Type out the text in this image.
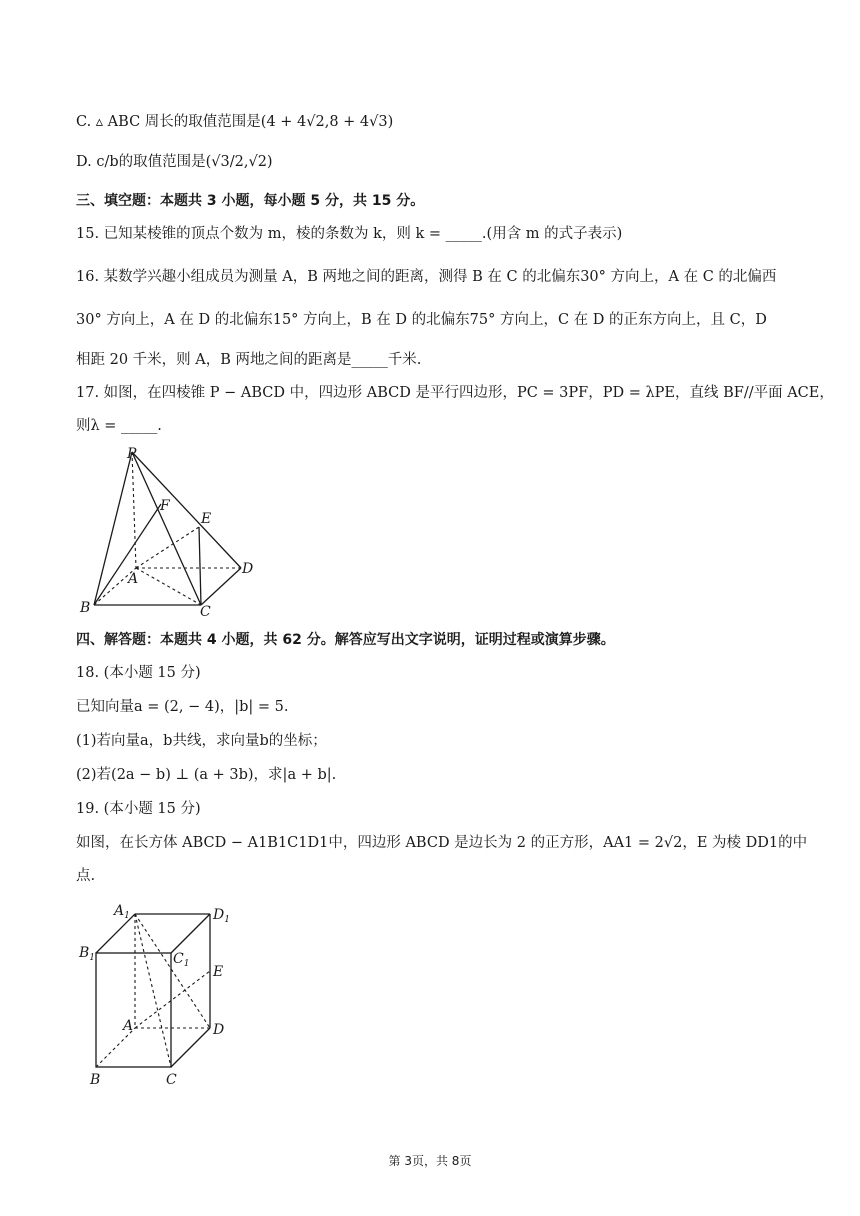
C. ▵ ABC 周长的取值范围是(4 + 4√2,8 + 4√3)
D. c/b的取值范围是(√3/2,√2)
三、填空题：本题共 3 小题，每小题 5 分，共 15 分。
15. 已知某棱锥的顶点个数为 m，棱的条数为 k，则 k = _____.(用含 m 的式子表示)
16. 某数学兴趣小组成员为测量 A，B 两地之间的距离，测得 B 在 C 的北偏东30° 方向上，A 在 C 的北偏西
30° 方向上，A 在 D 的北偏东15° 方向上，B 在 D 的北偏东75° 方向上，C 在 D 的正东方向上，且 C，D
相距 20 千米，则 A，B 两地之间的距离是_____千米.
17. 如图，在四棱锥 P − ABCD 中，四边形 ABCD 是平行四边形，PC = 3PF，PD = λPE，直线 BF//平面 ACE，
则λ = _____.
P
F
E
A
D
B	C
四、解答题：本题共 4 小题，共 62 分。解答应写出文字说明，证明过程或演算步骤。
18. (本小题 15 分)
已知向量a = (2, − 4)，|b| = 5.
(1)若向量a，b共线，求向量b的坐标；
(2)若(2a − b) ⊥ (a + 3b)，求|a + b|.
19. (本小题 15 分)
如图，在长方体 ABCD − A1B1C1D1中，四边形 ABCD 是边长为 2 的正方形，AA1 = 2√2，E 为棱 DD1的中
点.
$A_1$	$D_1$
$B_1$	$C_1$ E
A	D
B	C
第 3页，共 8页
